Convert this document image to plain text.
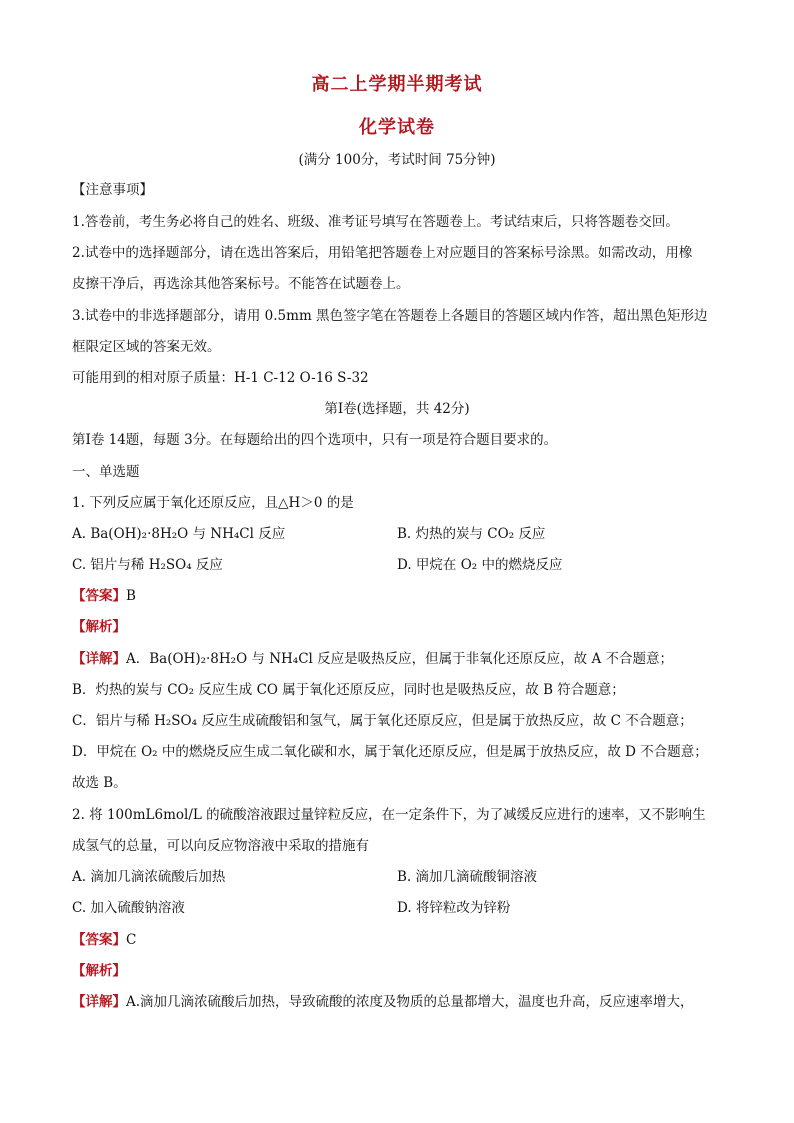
高二上学期半期考试
化学试卷
(满分 100分，考试时间 75分钟)
【注意事项】
1.答卷前，考生务必将自己的姓名、班级、准考证号填写在答题卷上。考试结束后，只将答题卷交回。
2.试卷中的选择题部分，请在选出答案后，用铅笔把答题卷上对应题目的答案标号涂黑。如需改动，用橡
皮擦干净后，再选涂其他答案标号。不能答在试题卷上。
3.试卷中的非选择题部分，请用 0.5mm 黑色签字笔在答题卷上各题目的答题区域内作答，超出黑色矩形边
框限定区域的答案无效。
可能用到的相对原子质量：H-1 C-12 O-16 S-32
第Ⅰ卷(选择题，共 42分)
第Ⅰ卷 14题，每题 3分。在每题给出的四个选项中，只有一项是符合题目要求的。
一、单选题
1. 下列反应属于氧化还原反应，且△H＞0 的是
A. Ba(OH)₂·8H₂O 与 NH₄Cl 反应	B. 灼热的炭与 CO₂ 反应
C. 铝片与稀 H₂SO₄ 反应	D. 甲烷在 O₂ 中的燃烧反应
【答案】B
【解析】
【详解】A．Ba(OH)₂·8H₂O 与 NH₄Cl 反应是吸热反应，但属于非氧化还原反应，故 A 不合题意；
B．灼热的炭与 CO₂ 反应生成 CO 属于氧化还原反应，同时也是吸热反应，故 B 符合题意；
C．铝片与稀 H₂SO₄ 反应生成硫酸铝和氢气，属于氧化还原反应，但是属于放热反应，故 C 不合题意；
D．甲烷在 O₂ 中的燃烧反应生成二氧化碳和水，属于氧化还原反应，但是属于放热反应，故 D 不合题意；
故选 B。
2. 将 100mL6mol/L 的硫酸溶液跟过量锌粒反应，在一定条件下，为了减缓反应进行的速率，又不影响生
成氢气的总量，可以向反应物溶液中采取的措施有
A. 滴加几滴浓硫酸后加热	B. 滴加几滴硫酸铜溶液
C. 加入硫酸钠溶液	D. 将锌粒改为锌粉
【答案】C
【解析】
【详解】A.滴加几滴浓硫酸后加热，导致硫酸的浓度及物质的总量都增大，温度也升高，反应速率增大，
